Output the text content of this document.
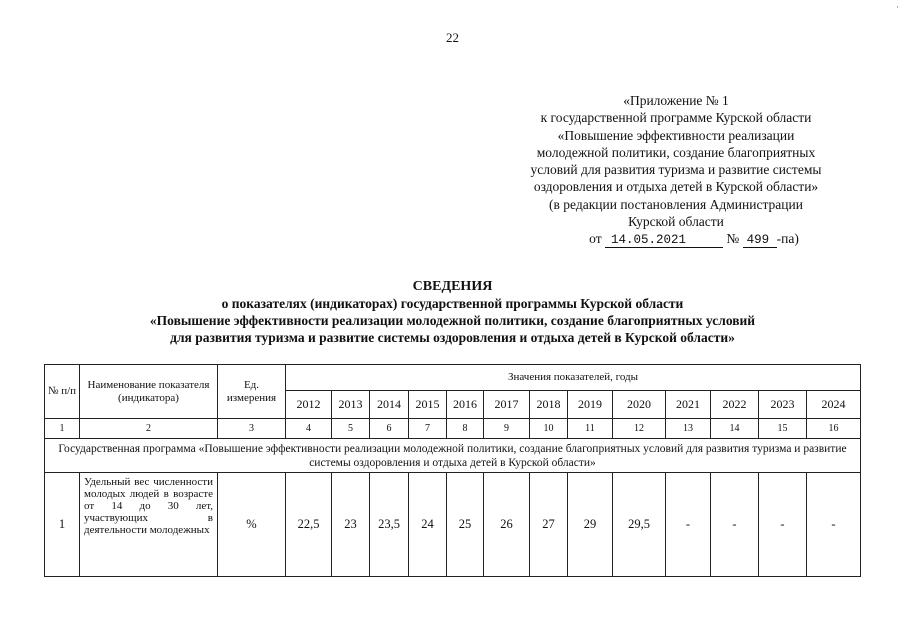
22
·
«Приложение № 1
к государственной программе Курской области
«Повышение эффективности реализации
молодежной политики, создание благоприятных
условий для развития туризма и развитие системы
оздоровления и отдыха детей в Курской области»
(в редакции постановления Администрации
Курской области
от 14.05.2021	№ 499 -па)
СВЕДЕНИЯ
о показателях (индикаторах) государственной программы Курской области
«Повышение эффективности реализации молодежной политики, создание благоприятных условий
для развития туризма и развитие системы оздоровления и отдыха детей в Курской области»
№ п/п	Наименование показателя (индикатора)	Ед. измерения	Значения показателей, годы												
			2012	2013	2014	2015	2016	2017	2018	2019	2020	2021	2022	2023	2024
1	2	3	4	5	6	7	8	9	10	11	12	13	14	15	16
Государственная программа «Повышение эффективности реализации молодежной политики, создание благоприятных условий для развития туризма и развитие системы оздоровления и отдыха детей в Курской области»															
1	Удельный вес численности молодых людей в возрасте от 14 до 30 лет, участвующих в деятельности молодежных	%	22,5	23	23,5	24	25	26	27	29	29,5	-	-	-	-
